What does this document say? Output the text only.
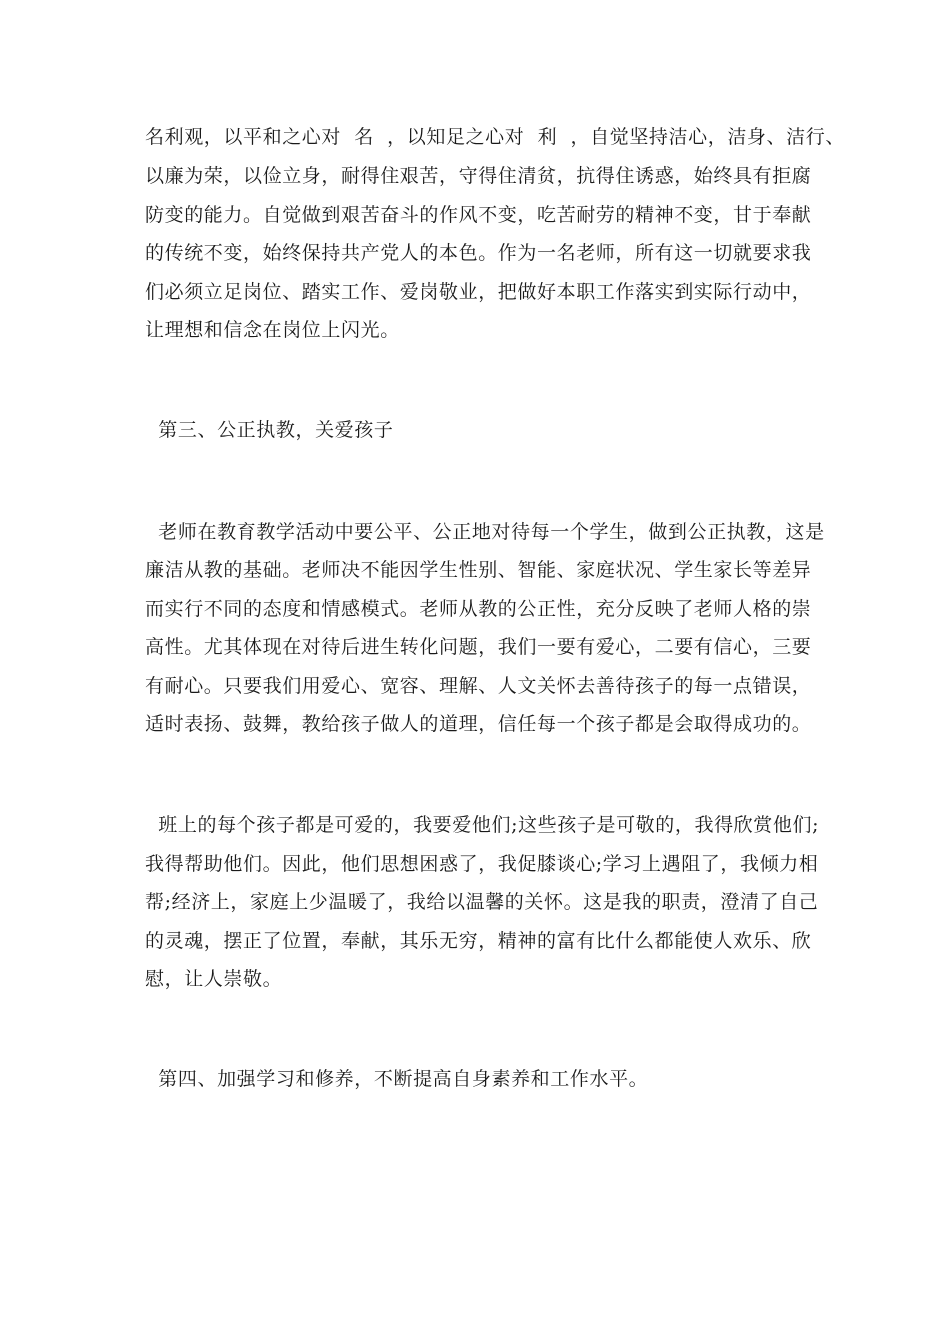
名利观，以平和之心对  名  ，以知足之心对  利  ，自觉坚持洁心，洁身、洁行、
以廉为荣，以俭立身，耐得住艰苦，守得住清贫，抗得住诱惑，始终具有拒腐
防变的能力。自觉做到艰苦奋斗的作风不变，吃苦耐劳的精神不变，甘于奉献
的传统不变，始终保持共产党人的本色。作为一名老师，所有这一切就要求我
们必须立足岗位、踏实工作、爱岗敬业，把做好本职工作落实到实际行动中，
让理想和信念在岗位上闪光。
第三、公正执教，关爱孩子
老师在教育教学活动中要公平、公正地对待每一个学生，做到公正执教，这是
廉洁从教的基础。老师决不能因学生性别、智能、家庭状况、学生家长等差异
而实行不同的态度和情感模式。老师从教的公正性，充分反映了老师人格的崇
高性。尤其体现在对待后进生转化问题，我们一要有爱心，二要有信心，三要
有耐心。只要我们用爱心、宽容、理解、人文关怀去善待孩子的每一点错误，
适时表扬、鼓舞，教给孩子做人的道理，信任每一个孩子都是会取得成功的。
班上的每个孩子都是可爱的，我要爱他们;这些孩子是可敬的，我得欣赏他们;
我得帮助他们。因此，他们思想困惑了，我促膝谈心;学习上遇阻了，我倾力相
帮;经济上，家庭上少温暖了，我给以温馨的关怀。这是我的职责，澄清了自己
的灵魂，摆正了位置，奉献，其乐无穷，精神的富有比什么都能使人欢乐、欣
慰，让人崇敬。
第四、加强学习和修养，不断提高自身素养和工作水平。
